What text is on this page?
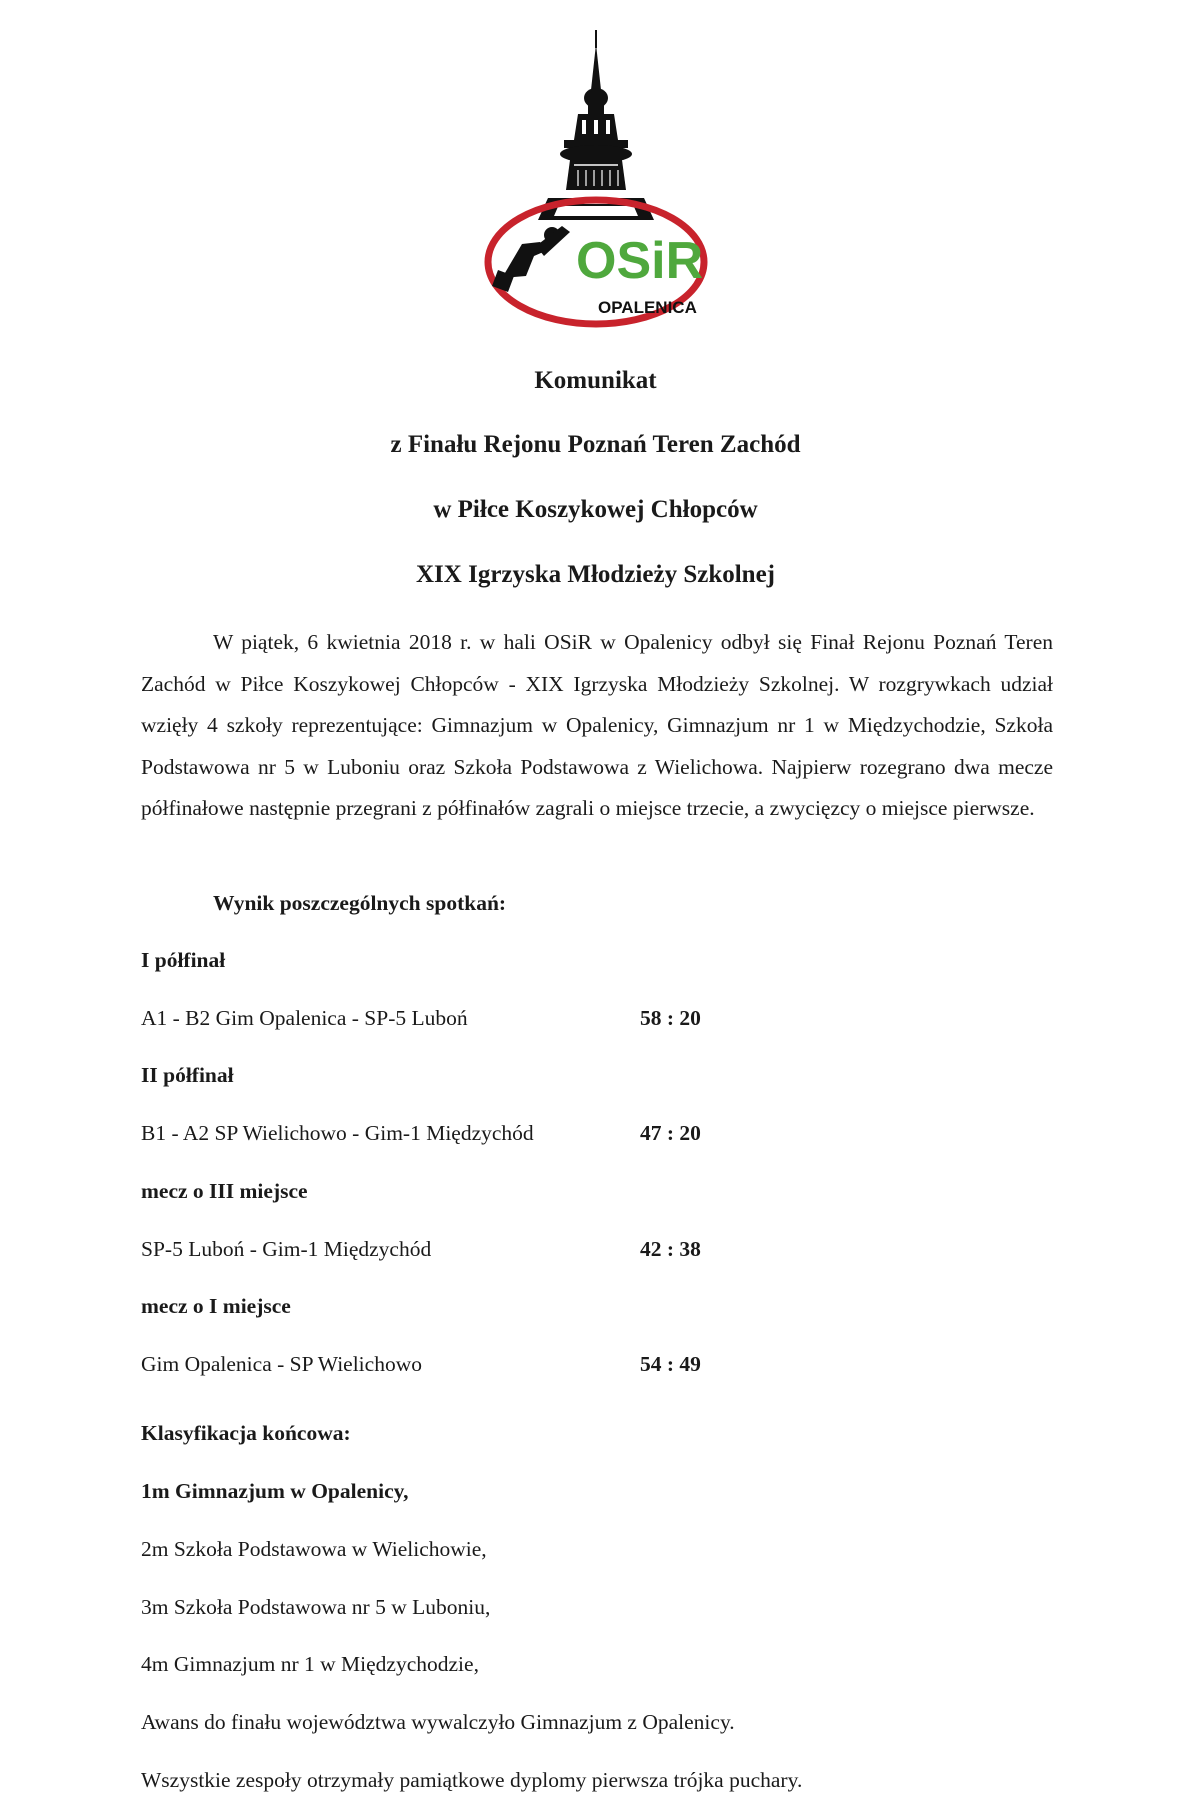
OSiR
OPALENICA
Komunikat
z Finału Rejonu Poznań Teren Zachód
w Piłce Koszykowej Chłopców
XIX Igrzyska Młodzieży Szkolnej

W piątek, 6 kwietnia 2018 r. w hali OSiR w Opalenicy odbył się Finał Rejonu Poznań Teren Zachód w Piłce Koszykowej Chłopców - XIX Igrzyska Młodzieży Szkolnej. W rozgrywkach udział wzięły 4 szkoły reprezentujące: Gimnazjum w Opalenicy, Gimnazjum nr 1 w Międzychodzie, Szkoła Podstawowa nr 5 w Luboniu oraz Szkoła Podstawowa z Wielichowa. Najpierw rozegrano dwa mecze półfinałowe następnie przegrani z półfinałów zagrali o miejsce trzecie, a zwycięzcy o miejsce pierwsze.

Wynik poszczególnych spotkań:

I półfinał

A1 - B2 Gim Opalenica - SP-5 Luboń	58 : 20

II półfinał

B1 - A2 SP Wielichowo - Gim-1 Międzychód	47 : 20

mecz o III miejsce

SP-5 Luboń - Gim-1 Międzychód	42 : 38

mecz o I miejsce

Gim Opalenica - SP Wielichowo	54 : 49

Klasyfikacja końcowa:

1m Gimnazjum w Opalenicy,

2m Szkoła Podstawowa w Wielichowie,

3m Szkoła Podstawowa nr 5 w Luboniu,

4m Gimnazjum nr 1 w Międzychodzie,

Awans do finału województwa wywalczyło Gimnazjum z Opalenicy.

Wszystkie zespoły otrzymały pamiątkowe dyplomy pierwsza trójka puchary.
